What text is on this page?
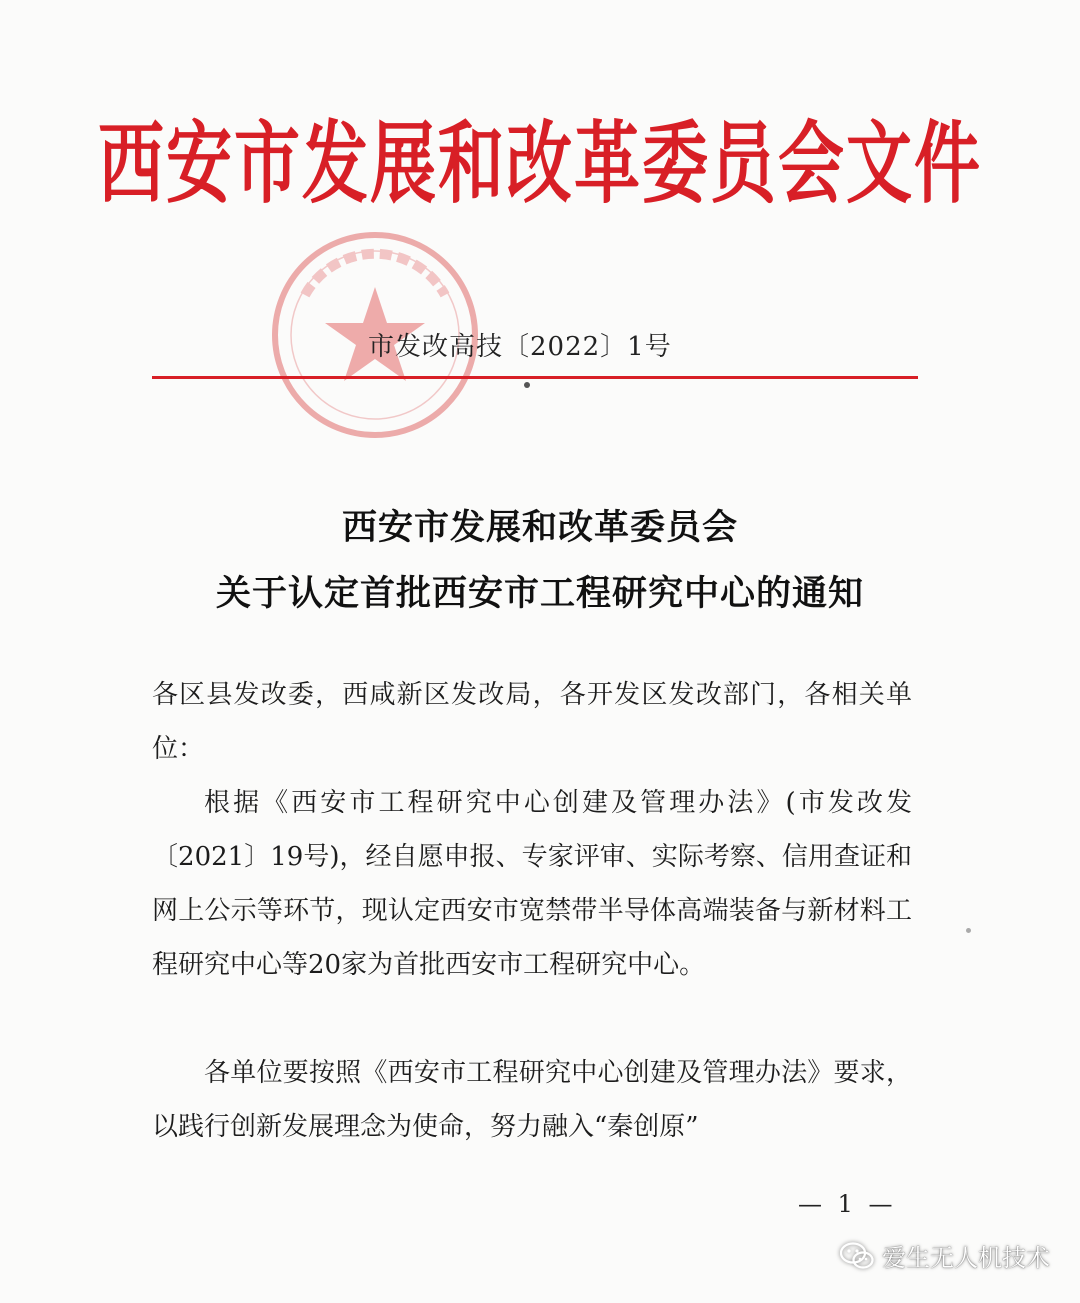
西安市发展和改革委员会文件
市发改高技〔2022〕1号
西安市发展和改革委员会
关于认定首批西安市工程研究中心的通知

各区县发改委，西咸新区发改局，各开发区发改部门，各相关单位：

根据《西安市工程研究中心创建及管理办法》(市发改发〔2021〕19号)，经自愿申报、专家评审、实际考察、信用查证和网上公示等环节，现认定西安市宽禁带半导体高端装备与新材料工程研究中心等20家为首批西安市工程研究中心。

各单位要按照《西安市工程研究中心创建及管理办法》要求，以践行创新发展理念为使命，努力融入“秦创原”

— 1 —
爱生无人机技术
